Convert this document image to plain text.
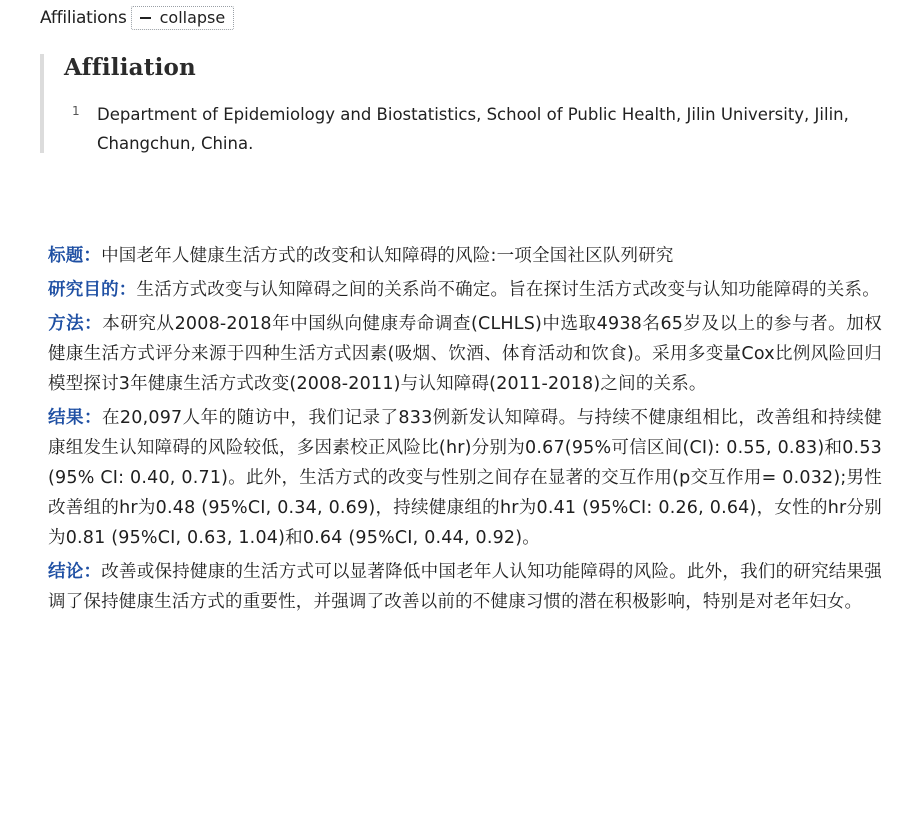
Affiliations collapse
Affiliation
1 Department of Epidemiology and Biostatistics, School of Public Health, Jilin University, Jilin, Changchun, China.

标题：中国老年人健康生活方式的改变和认知障碍的风险:一项全国社区队列研究

研究目的：生活方式改变与认知障碍之间的关系尚不确定。旨在探讨生活方式改变与认知功能障碍的关系。

方法：本研究从2008-2018年中国纵向健康寿命调查(CLHLS)中选取4938名65岁及以上的参与者。加权健康生活方式评分来源于四种生活方式因素(吸烟、饮酒、体育活动和饮食)。采用多变量Cox比例风险回归模型探讨3年健康生活方式改变(2008-2011)与认知障碍(2011-2018)之间的关系。

结果：在20,097人年的随访中，我们记录了833例新发认知障碍。与持续不健康组相比，改善组和持续健康组发生认知障碍的风险较低，多因素校正风险比(hr)分别为0.67(95%可信区间(CI): 0.55, 0.83)和0.53 (95% CI: 0.40, 0.71)。此外，生活方式的改变与性别之间存在显著的交互作用(p交互作用= 0.032);男性改善组的hr为0.48 (95%CI, 0.34, 0.69)，持续健康组的hr为0.41 (95%CI: 0.26, 0.64)，女性的hr分别为0.81 (95%CI, 0.63, 1.04)和0.64 (95%CI, 0.44, 0.92)。

结论：改善或保持健康的生活方式可以显著降低中国老年人认知功能障碍的风险。此外，我们的研究结果强调了保持健康生活方式的重要性，并强调了改善以前的不健康习惯的潜在积极影响，特别是对老年妇女。
